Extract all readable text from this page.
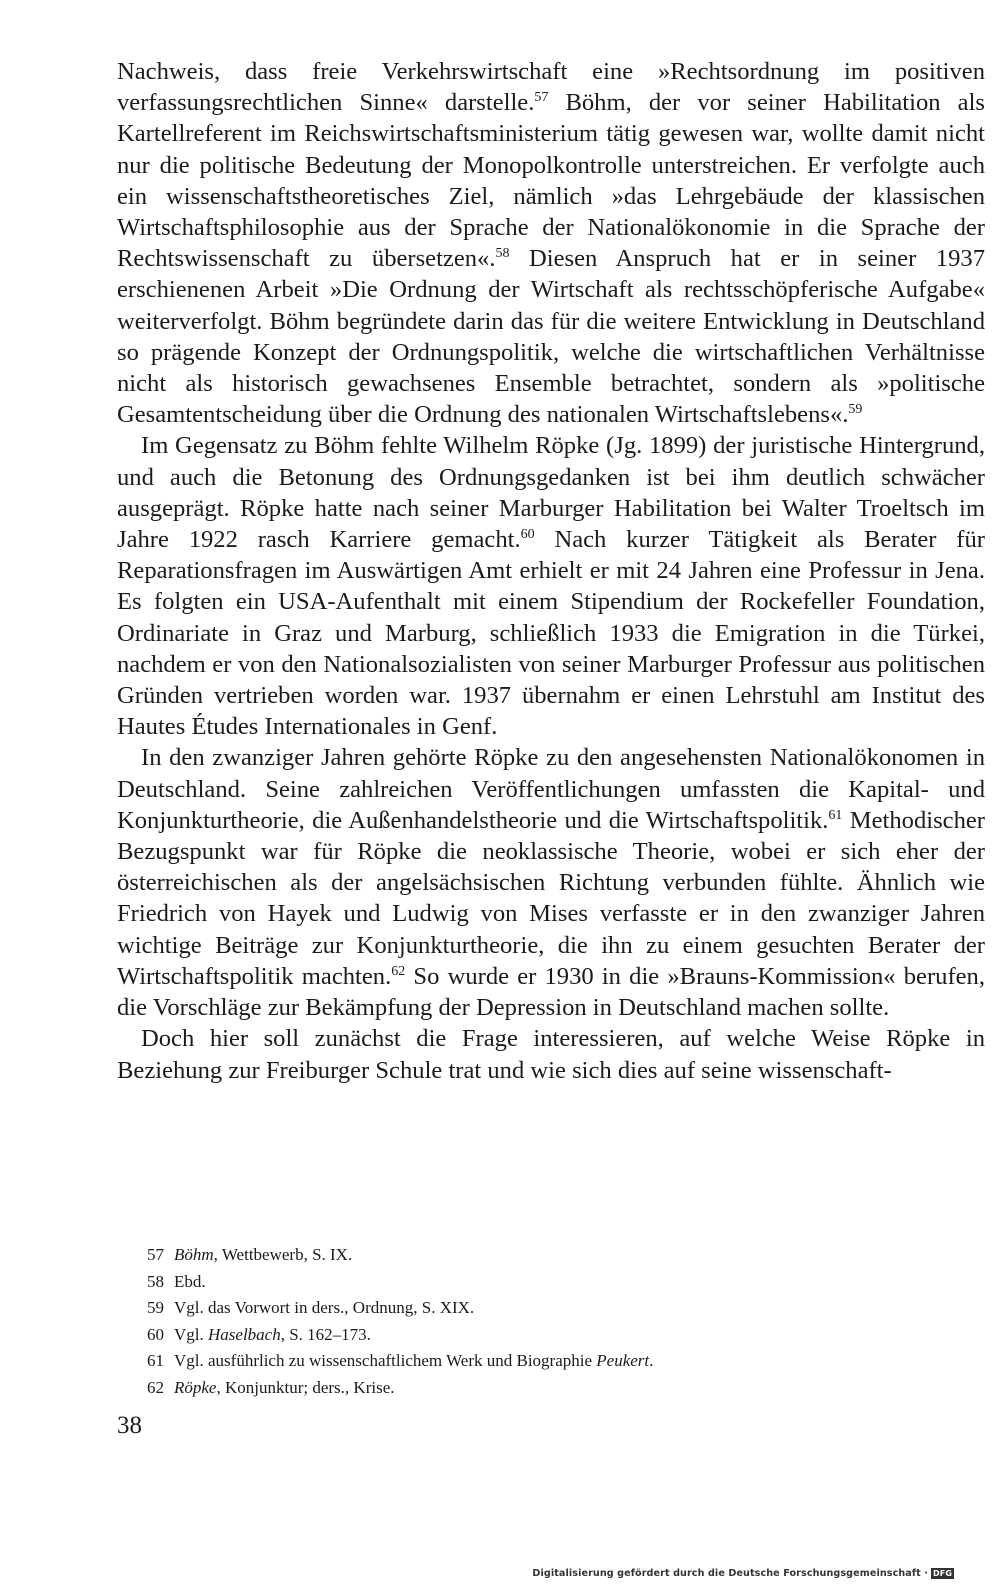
Nachweis, dass freie Verkehrswirtschaft eine »Rechtsordnung im positiven verfassungsrechtlichen Sinne« darstelle.$^{57}$ Böhm, der vor seiner Habilitation als Kartellreferent im Reichswirtschaftsministerium tätig gewesen war, wollte damit nicht nur die politische Bedeutung der Monopolkontrolle unterstreichen. Er verfolgte auch ein wissenschaftstheoretisches Ziel, nämlich »das Lehrgebäude der klassischen Wirtschaftsphilosophie aus der Sprache der Nationalökonomie in die Sprache der Rechtswissenschaft zu übersetzen«.$^{58}$ Diesen Anspruch hat er in seiner 1937 erschienenen Arbeit »Die Ordnung der Wirtschaft als rechtsschöpferische Aufgabe« weiterverfolgt. Böhm begründete darin das für die weitere Entwicklung in Deutschland so prägende Konzept der Ordnungspolitik, welche die wirtschaftlichen Verhältnisse nicht als historisch gewachsenes Ensemble betrachtet, sondern als »politische Gesamtentscheidung über die Ordnung des nationalen Wirtschaftslebens«.$^{59}$

Im Gegensatz zu Böhm fehlte Wilhelm Röpke (Jg. 1899) der juristische Hintergrund, und auch die Betonung des Ordnungsgedanken ist bei ihm deutlich schwächer ausgeprägt. Röpke hatte nach seiner Marburger Habilitation bei Walter Troeltsch im Jahre 1922 rasch Karriere gemacht.$^{60}$ Nach kurzer Tätigkeit als Berater für Reparationsfragen im Auswärtigen Amt erhielt er mit 24 Jahren eine Professur in Jena. Es folgten ein USA-Aufenthalt mit einem Stipendium der Rockefeller Foundation, Ordinariate in Graz und Marburg, schließlich 1933 die Emigration in die Türkei, nachdem er von den Nationalsozialisten von seiner Marburger Professur aus politischen Gründen vertrieben worden war. 1937 übernahm er einen Lehrstuhl am Institut des Hautes Études Internationales in Genf.

In den zwanziger Jahren gehörte Röpke zu den angesehensten Nationalökonomen in Deutschland. Seine zahlreichen Veröffentlichungen umfassten die Kapital- und Konjunkturtheorie, die Außenhandelstheorie und die Wirtschaftspolitik.$^{61}$ Methodischer Bezugspunkt war für Röpke die neoklassische Theorie, wobei er sich eher der österreichischen als der angelsächsischen Richtung verbunden fühlte. Ähnlich wie Friedrich von Hayek und Ludwig von Mises verfasste er in den zwanziger Jahren wichtige Beiträge zur Konjunkturtheorie, die ihn zu einem gesuchten Berater der Wirtschaftspolitik machten.$^{62}$ So wurde er 1930 in die »Brauns-Kommission« berufen, die Vorschläge zur Bekämpfung der Depression in Deutschland machen sollte.

Doch hier soll zunächst die Frage interessieren, auf welche Weise Röpke in Beziehung zur Freiburger Schule trat und wie sich dies auf seine wissenschaft-

57 Böhm, Wettbewerb, S. IX.
58 Ebd.
59 Vgl. das Vorwort in ders., Ordnung, S. XIX.
60 Vgl. Haselbach, S. 162–173.
61 Vgl. ausführlich zu wissenschaftlichem Werk und Biographie Peukert.
62 Röpke, Konjunktur; ders., Krise.
38
Digitalisierung gefördert durch die Deutsche Forschungsgemeinschaft · DFG
